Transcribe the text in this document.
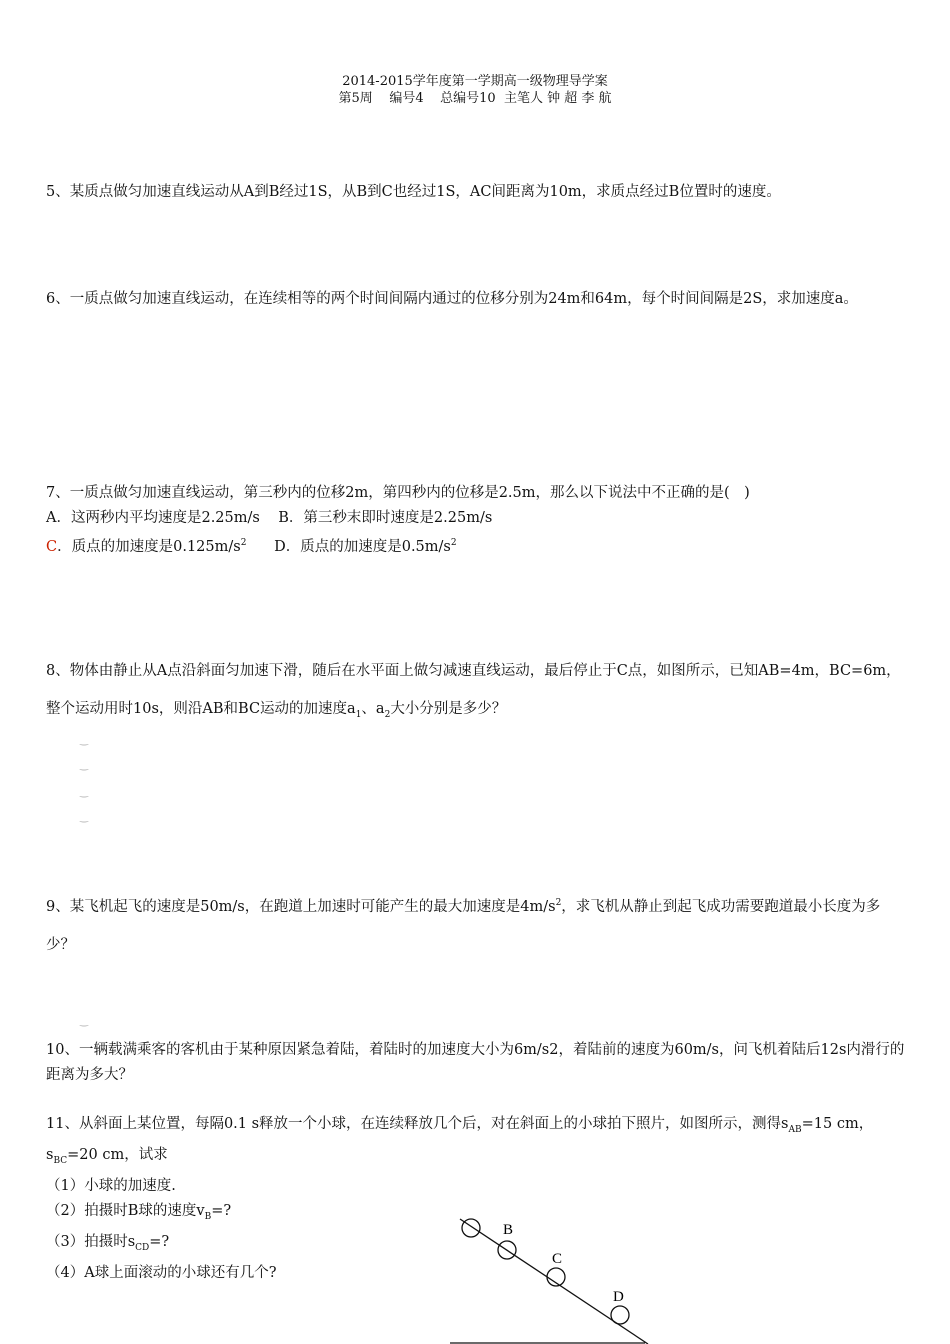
2014-2015学年度第一学期高一级物理导学案
第5周    编号4    总编号10  主笔人 钟 超 李 航
5、某质点做匀加速直线运动从A到B经过1S，从B到C也经过1S，AC间距离为10m，求质点经过B位置时的速度。
6、一质点做匀加速直线运动，在连续相等的两个时间间隔内通过的位移分别为24m和64m，每个时间间隔是2S，求加速度a。
7、一质点做匀加速直线运动，第三秒内的位移2m，第四秒内的位移是2.5m，那么以下说法中不正确的是(　)
A．这两秒内平均速度是2.25m/s B．第三秒末即时速度是2.25m/s
C．质点的加速度是$0.125m/s^2$ D．质点的加速度是$0.5m/s^2$
8、物体由静止从A点沿斜面匀加速下滑，随后在水平面上做匀减速直线运动，最后停止于C点，如图所示，已知AB=4m，BC=6m，整个运动用时10s，则沿AB和BC运动的加速度$a_1$、$a_2$大小分别是多少？
‿
‿
‿
‿
9、某飞机起飞的速度是50m/s，在跑道上加速时可能产生的最大加速度是$4m/s^2$，求飞机从静止到起飞成功需要跑道最小长度为多少？
‿
10、一辆载满乘客的客机由于某种原因紧急着陆，着陆时的加速度大小为6m/s2，着陆前的速度为60m/s，问飞机着陆后12s内滑行的距离为多大？
11、从斜面上某位置，每隔0.1 s释放一个小球，在连续释放几个后，对在斜面上的小球拍下照片，如图所示，测得$s_{AB}=15$ cm，$s_{BC}=20$ cm，试求
（1）小球的加速度.
（2）拍摄时B球的速度$v_B=$?
（3）拍摄时$s_{CD}=$?
（4）A球上面滚动的小球还有几个?
B
C
D
